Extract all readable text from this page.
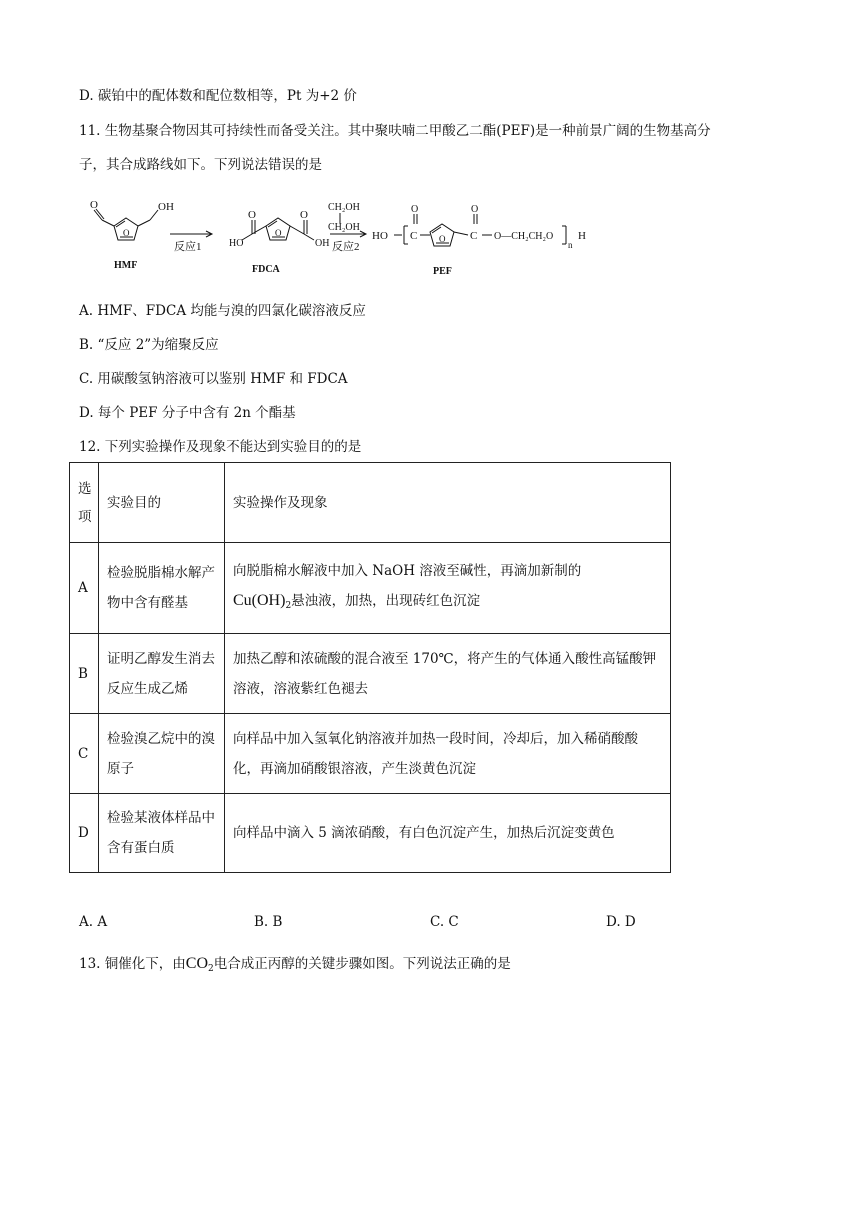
D. 碳铂中的配体数和配位数相等，Pt 为+2 价
11. 生物基聚合物因其可持续性而备受关注。其中聚呋喃二甲酸乙二酯(PEF)是一种前景广阔的生物基高分
子，其合成路线如下。下列说法错误的是
O	OH
O
HMF
反应1
O
HO
O
O
OH
FDCA
CH₂OH
CH₂OH
反应2
HO C
O
O C
O
O—CH₂CH₂O
n
H
PEF
A. HMF、FDCA 均能与溴的四氯化碳溶液反应
B. “反应 2”为缩聚反应
C. 用碳酸氢钠溶液可以鉴别 HMF 和 FDCA
D. 每个 PEF 分子中含有 2n 个酯基
12. 下列实验操作及现象不能达到实验目的的是
选项	实验目的	实验操作及现象
A	检验脱脂棉水解产物中含有醛基	向脱脂棉水解液中加入 NaOH 溶液至碱性，再滴加新制的
$Cu(OH)_2$悬浊液，加热，出现砖红色沉淀
B	证明乙醇发生消去反应生成乙烯	加热乙醇和浓硫酸的混合液至 170℃，将产生的气体通入酸性高锰酸钾溶液，溶液紫红色褪去
C	检验溴乙烷中的溴原子	向样品中加入氢氧化钠溶液并加热一段时间，冷却后，加入稀硝酸酸化，再滴加硝酸银溶液，产生淡黄色沉淀
D	检验某液体样品中含有蛋白质	向样品中滴入 5 滴浓硝酸，有白色沉淀产生，加热后沉淀变黄色
A. A	B. B	C. C	D. D
13. 铜催化下，由$CO_2$电合成正丙醇的关键步骤如图。下列说法正确的是
